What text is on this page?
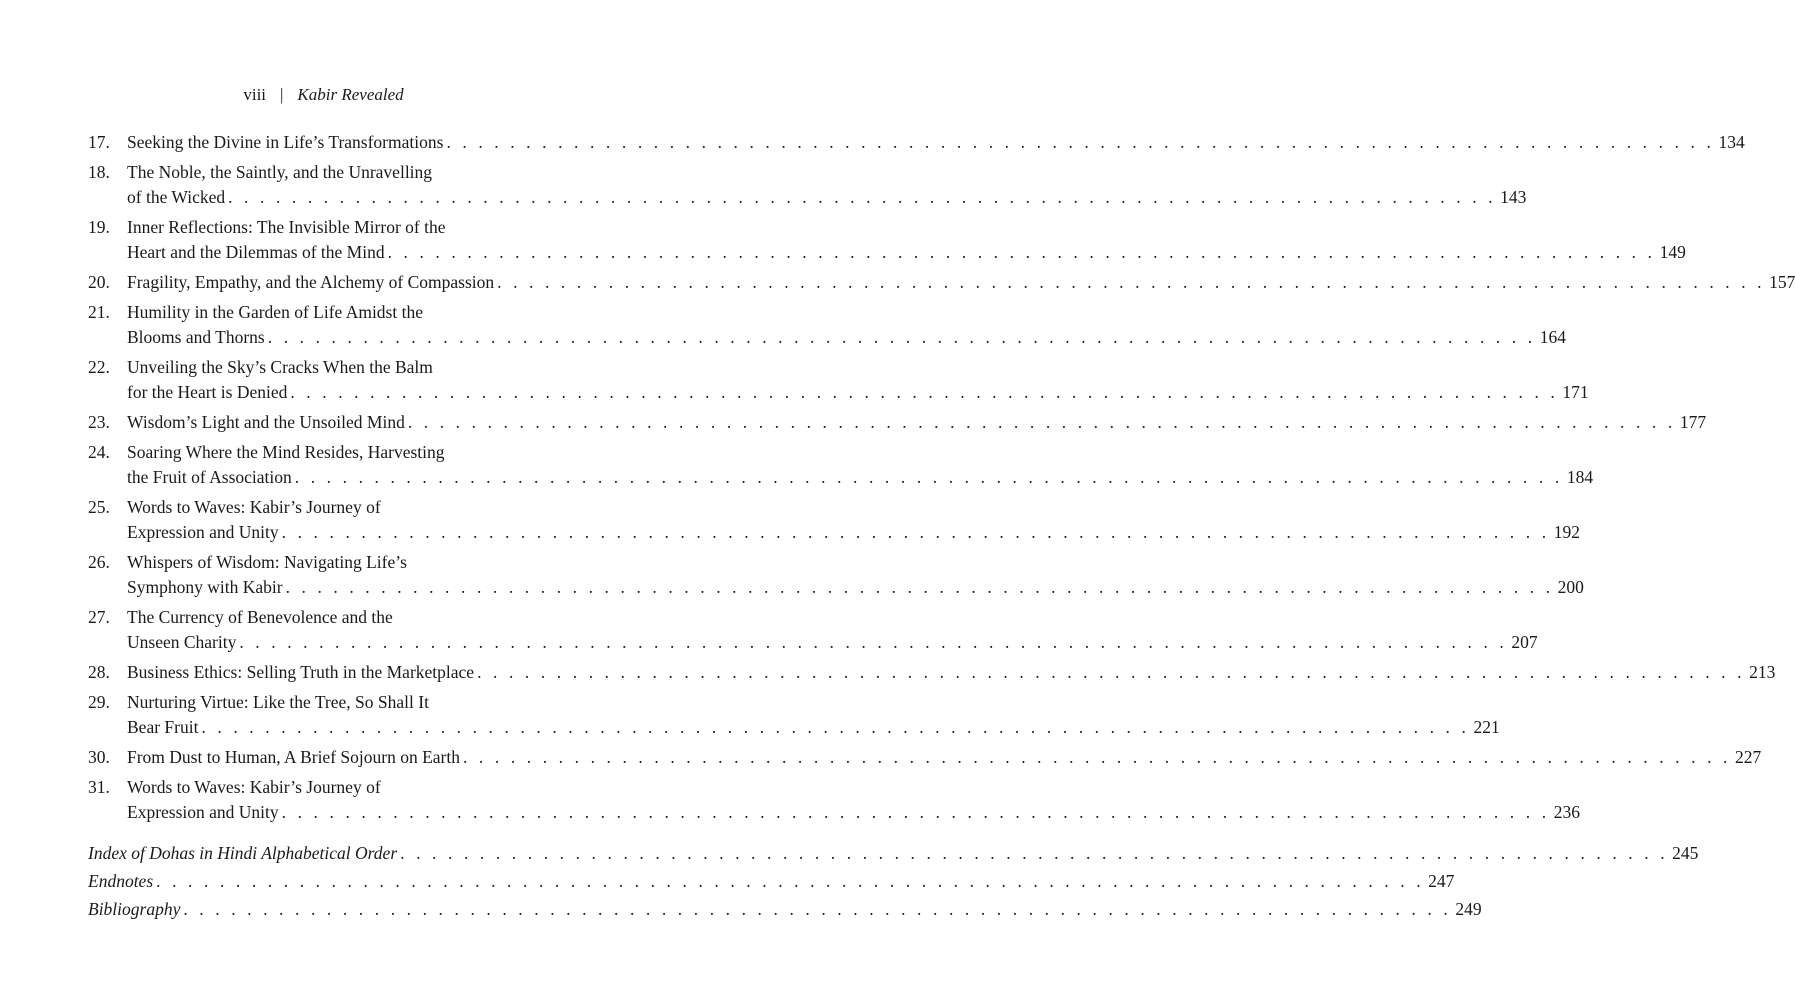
viii | Kabir Revealed
17. Seeking the Divine in Life’s Transformations . . . . . . . . . . . . . . . . . . . . . . . . . . . . . . . . . . . . . . . . . . . . . . . . . . . . . . . . . . . . . . . . . . . . . . . . . . . . . . . . 134
18. The Noble, the Saintly, and the Unravelling
of the Wicked . . . . . . . . . . . . . . . . . . . . . . . . . . . . . . . . . . . . . . . . . . . . . . . . . . . . . . . . . . . . . . . . . . . . . . . . . . . . . . . . 143
19. Inner Reflections: The Invisible Mirror of the
Heart and the Dilemmas of the Mind . . . . . . . . . . . . . . . . . . . . . . . . . . . . . . . . . . . . . . . . . . . . . . . . . . . . . . . . . . . . . . . . . . . . . . . . . . . . . . . . 149
20. Fragility, Empathy, and the Alchemy of Compassion . . . . . . . . . . . . . . . . . . . . . . . . . . . . . . . . . . . . . . . . . . . . . . . . . . . . . . . . . . . . . . . . . . . . . . . . . . . . . . . . 157
21. Humility in the Garden of Life Amidst the
Blooms and Thorns . . . . . . . . . . . . . . . . . . . . . . . . . . . . . . . . . . . . . . . . . . . . . . . . . . . . . . . . . . . . . . . . . . . . . . . . . . . . . . . . 164
22. Unveiling the Sky’s Cracks When the Balm
for the Heart is Denied . . . . . . . . . . . . . . . . . . . . . . . . . . . . . . . . . . . . . . . . . . . . . . . . . . . . . . . . . . . . . . . . . . . . . . . . . . . . . . . . 171
23. Wisdom’s Light and the Unsoiled Mind . . . . . . . . . . . . . . . . . . . . . . . . . . . . . . . . . . . . . . . . . . . . . . . . . . . . . . . . . . . . . . . . . . . . . . . . . . . . . . . . 177
24. Soaring Where the Mind Resides, Harvesting
the Fruit of Association . . . . . . . . . . . . . . . . . . . . . . . . . . . . . . . . . . . . . . . . . . . . . . . . . . . . . . . . . . . . . . . . . . . . . . . . . . . . . . . . 184
25. Words to Waves: Kabir’s Journey of
Expression and Unity . . . . . . . . . . . . . . . . . . . . . . . . . . . . . . . . . . . . . . . . . . . . . . . . . . . . . . . . . . . . . . . . . . . . . . . . . . . . . . . . 192
26. Whispers of Wisdom: Navigating Life’s
Symphony with Kabir . . . . . . . . . . . . . . . . . . . . . . . . . . . . . . . . . . . . . . . . . . . . . . . . . . . . . . . . . . . . . . . . . . . . . . . . . . . . . . . . 200
27. The Currency of Benevolence and the
Unseen Charity . . . . . . . . . . . . . . . . . . . . . . . . . . . . . . . . . . . . . . . . . . . . . . . . . . . . . . . . . . . . . . . . . . . . . . . . . . . . . . . . 207
28. Business Ethics: Selling Truth in the Marketplace . . . . . . . . . . . . . . . . . . . . . . . . . . . . . . . . . . . . . . . . . . . . . . . . . . . . . . . . . . . . . . . . . . . . . . . . . . . . . . . . 213
29. Nurturing Virtue: Like the Tree, So Shall It
Bear Fruit . . . . . . . . . . . . . . . . . . . . . . . . . . . . . . . . . . . . . . . . . . . . . . . . . . . . . . . . . . . . . . . . . . . . . . . . . . . . . . . . 221
30. From Dust to Human, A Brief Sojourn on Earth . . . . . . . . . . . . . . . . . . . . . . . . . . . . . . . . . . . . . . . . . . . . . . . . . . . . . . . . . . . . . . . . . . . . . . . . . . . . . . . . 227
31. Words to Waves: Kabir’s Journey of
Expression and Unity . . . . . . . . . . . . . . . . . . . . . . . . . . . . . . . . . . . . . . . . . . . . . . . . . . . . . . . . . . . . . . . . . . . . . . . . . . . . . . . . 236
Index of Dohas in Hindi Alphabetical Order . . . . . . . . . . . . . . . . . . . . . . . . . . . . . . . . . . . . . . . . . . . . . . . . . . . . . . . . . . . . . . . . . . . . . . . . . . . . . . . . 245
Endnotes . . . . . . . . . . . . . . . . . . . . . . . . . . . . . . . . . . . . . . . . . . . . . . . . . . . . . . . . . . . . . . . . . . . . . . . . . . . . . . . . 247
Bibliography . . . . . . . . . . . . . . . . . . . . . . . . . . . . . . . . . . . . . . . . . . . . . . . . . . . . . . . . . . . . . . . . . . . . . . . . . . . . . . . . 249
